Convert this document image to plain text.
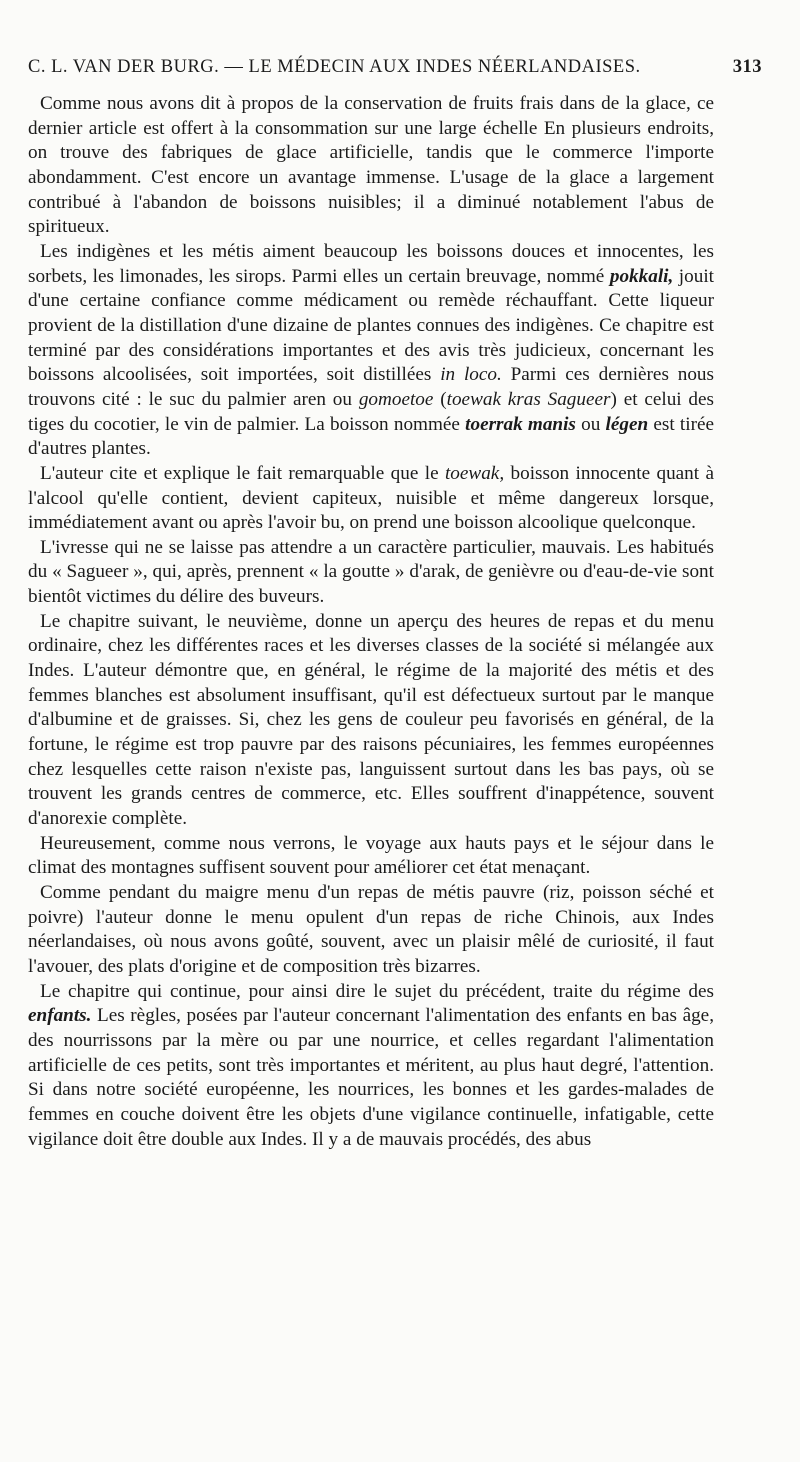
C. L. VAN DER BURG. — LE MÉDECIN AUX INDES NÉERLANDAISES.	313

Comme nous avons dit à propos de la conservation de fruits frais dans de la glace, ce dernier article est offert à la consommation sur une large échelle En plusieurs endroits, on trouve des fabriques de glace artificielle, tandis que le commerce l'importe abondamment. C'est encore un avantage immense. L'usage de la glace a largement contribué à l'abandon de boissons nuisibles; il a diminué notablement l'abus de spiritueux.

Les indigènes et les métis aiment beaucoup les boissons douces et innocentes, les sorbets, les limonades, les sirops. Parmi elles un certain breuvage, nommé pokkali, jouit d'une certaine confiance comme médicament ou remède réchauffant. Cette liqueur provient de la distillation d'une dizaine de plantes connues des indigènes. Ce chapitre est terminé par des considérations importantes et des avis très judicieux, concernant les boissons alcoolisées, soit importées, soit distillées in loco. Parmi ces dernières nous trouvons cité : le suc du palmier aren ou gomoetoe (toewak kras Sagueer) et celui des tiges du cocotier, le vin de palmier. La boisson nommée toerrak manis ou légen est tirée d'autres plantes.

L'auteur cite et explique le fait remarquable que le toewak, boisson innocente quant à l'alcool qu'elle contient, devient capiteux, nuisible et même dangereux lorsque, immédiatement avant ou après l'avoir bu, on prend une boisson alcoolique quelconque.

L'ivresse qui ne se laisse pas attendre a un caractère particulier, mauvais. Les habitués du « Sagueer », qui, après, prennent « la goutte » d'arak, de genièvre ou d'eau-de-vie sont bientôt victimes du délire des buveurs.

Le chapitre suivant, le neuvième, donne un aperçu des heures de repas et du menu ordinaire, chez les différentes races et les diverses classes de la société si mélangée aux Indes. L'auteur démontre que, en général, le régime de la majorité des métis et des femmes blanches est absolument insuffisant, qu'il est défectueux surtout par le manque d'albumine et de graisses. Si, chez les gens de couleur peu favorisés en général, de la fortune, le régime est trop pauvre par des raisons pécuniaires, les femmes européennes chez lesquelles cette raison n'existe pas, languissent surtout dans les bas pays, où se trouvent les grands centres de commerce, etc. Elles souffrent d'inappétence, souvent d'anorexie complète.

Heureusement, comme nous verrons, le voyage aux hauts pays et le séjour dans le climat des montagnes suffisent souvent pour améliorer cet état menaçant.

Comme pendant du maigre menu d'un repas de métis pauvre (riz, poisson séché et poivre) l'auteur donne le menu opulent d'un repas de riche Chinois, aux Indes néerlandaises, où nous avons goûté, souvent, avec un plaisir mêlé de curiosité, il faut l'avouer, des plats d'origine et de composition très bizarres.

Le chapitre qui continue, pour ainsi dire le sujet du précédent, traite du régime des enfants. Les règles, posées par l'auteur concernant l'alimentation des enfants en bas âge, des nourrissons par la mère ou par une nourrice, et celles regardant l'alimentation artificielle de ces petits, sont très importantes et méritent, au plus haut degré, l'attention. Si dans notre société européenne, les nourrices, les bonnes et les gardes-malades de femmes en couche doivent être les objets d'une vigilance continuelle, infatigable, cette vigilance doit être double aux Indes. Il y a de mauvais procédés, des abus
